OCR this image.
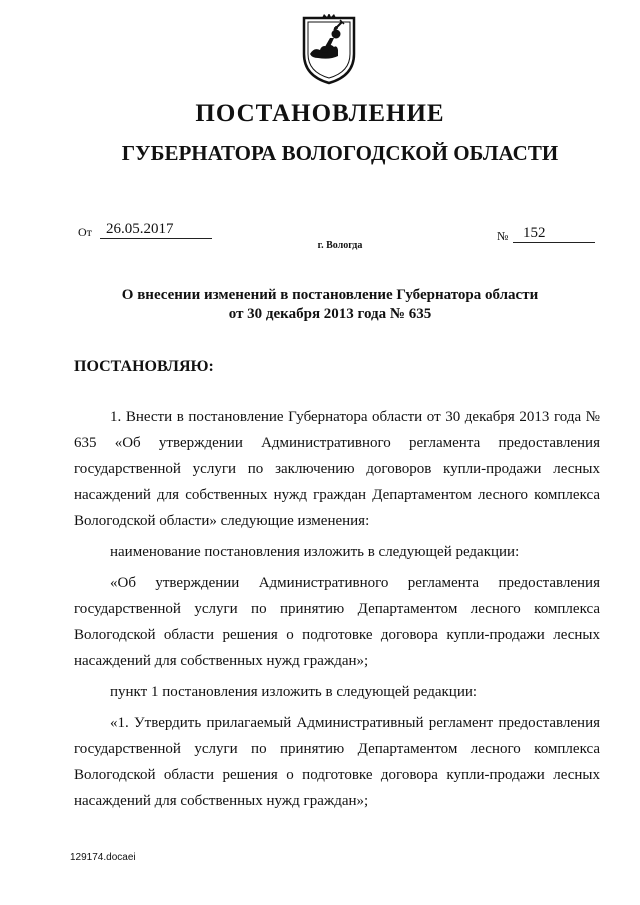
ПОСТАНОВЛЕНИЕ
ГУБЕРНАТОРА ВОЛОГОДСКОЙ ОБЛАСТИ
От 26.05.2017	№ 152
г. Вологда
О внесении изменений в постановление Губернатора области
от 30 декабря 2013 года № 635
ПОСТАНОВЛЯЮ:

1. Внести в постановление Губернатора области от 30 декабря 2013 года № 635 «Об утверждении Административного регламента предоставления государственной услуги по заключению договоров купли-продажи лесных насаждений для собственных нужд граждан Департаментом лесного комплекса Вологодской области» следующие изменения:

наименование постановления изложить в следующей редакции:

«Об утверждении Административного регламента предоставления государственной услуги по принятию Департаментом лесного комплекса Вологодской области решения о подготовке договора купли-продажи лесных насаждений для собственных нужд граждан»;

пункт 1 постановления изложить в следующей редакции:

«1. Утвердить прилагаемый Административный регламент предоставления государственной услуги по принятию Департаментом лесного комплекса Вологодской области решения о подготовке договора купли-продажи лесных насаждений для собственных нужд граждан»;

129174.docaei
